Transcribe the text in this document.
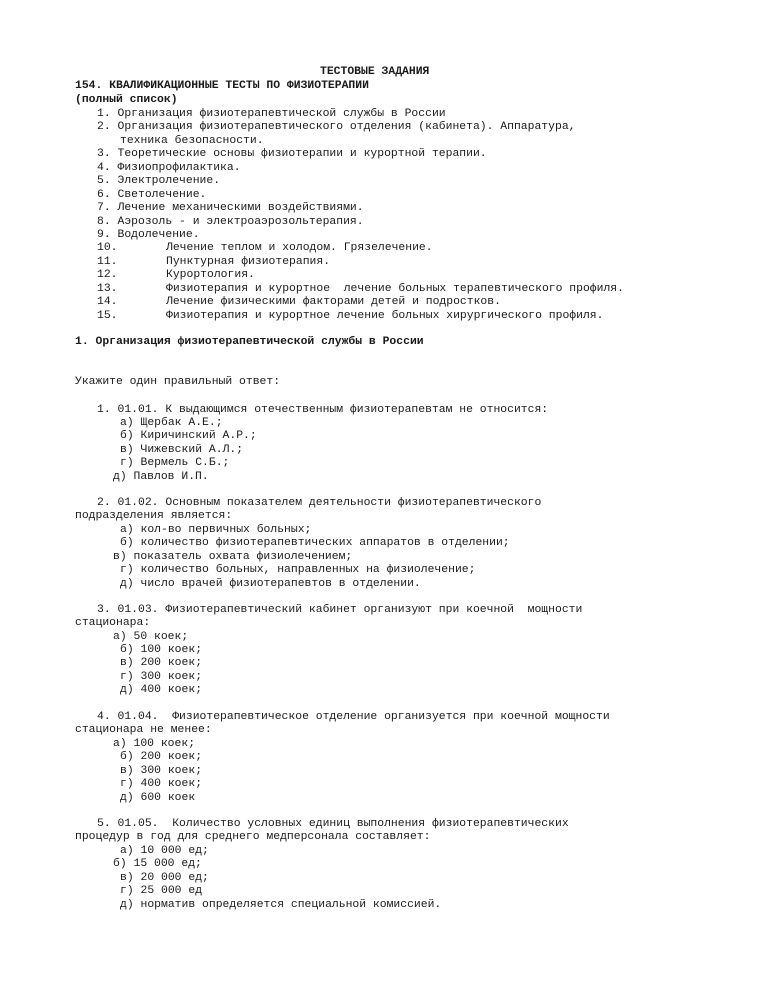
ТЕСТОВЫЕ ЗАДАНИЯ
154. КВАЛИФИКАЦИОННЫЕ ТЕСТЫ ПО ФИЗИОТЕРАПИИ
(полный список)
1. Организация физиотерапевтической службы в России
2. Организация физиотерапевтического отделения (кабинета). Аппаратура,
техника безопасности.
3. Теоретические основы физиотерапии и курортной терапии.
4. Физиопрофилактика.
5. Электролечение.
6. Светолечение.
7. Лечение механическими воздействиями.
8. Аэрозоль - и электроаэрозольтерапия.
9. Водолечение.
10.	Лечение теплом и холодом. Грязелечение.
11.	Пунктурная физиотерапия.
12.	Курортология.
13.	Физиотерапия и курортное  лечение больных терапевтического профиля.
14.	Лечение физическими факторами детей и подростков.
15.	Физиотерапия и курортное лечение больных хирургического профиля.
1. Организация физиотерапевтической службы в России
Укажите один правильный ответ:
1. 01.01. К выдающимся отечественным физиотерапевтам не относится:
а) Щербак А.Е.;
б) Киричинский А.Р.;
в) Чижевский А.Л.;
г) Вермель С.Б.;
д) Павлов И.П.
2. 01.02. Основным показателем деятельности физиотерапевтического
подразделения является:
а) кол-во первичных больных;
б) количество физиотерапевтических аппаратов в отделении;
в) показатель охвата физиолечением;
г) количество больных, направленных на физиолечение;
д) число врачей физиотерапевтов в отделении.
3. 01.03. Физиотерапевтический кабинет организуют при коечной  мощности
стационара:
а) 50 коек;
б) 100 коек;
в) 200 коек;
г) 300 коек;
д) 400 коек;
4. 01.04.  Физиотерапевтическое отделение организуется при коечной мощности
стационара не менее:
а) 100 коек;
б) 200 коек;
в) 300 коек;
г) 400 коек;
д) 600 коек
5. 01.05.  Количество условных единиц выполнения физиотерапевтических
процедур в год для среднего медперсонала составляет:
а) 10 000 ед;
б) 15 000 ед;
в) 20 000 ед;
г) 25 000 ед
д) норматив определяется специальной комиссией.
